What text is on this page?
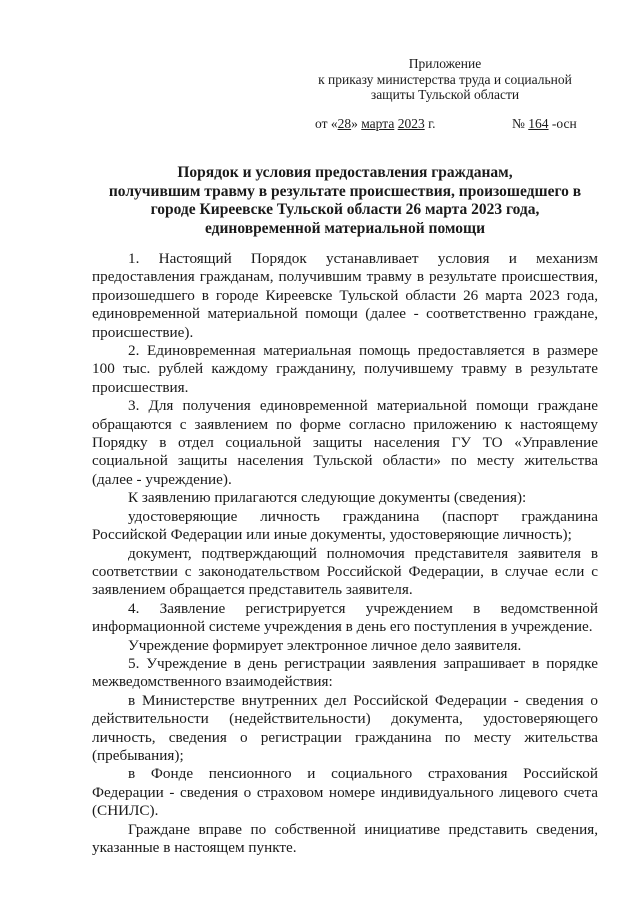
Приложение
к приказу министерства труда и социальной
защиты Тульской области
от «28» марта 2023 г.	№ 164 -осн
Порядок и условия предоставления гражданам,
получившим травму в результате происшествия, произошедшего в
городе Киреевске Тульской области 26 марта 2023 года,
единовременной материальной помощи
1. Настоящий Порядок устанавливает условия и механизм
предоставления гражданам, получившим травму в результате происшествия,
произошедшего в городе Киреевске Тульской области 26 марта 2023 года,
единовременной материальной помощи (далее - соответственно граждане,
происшествие).
2. Единовременная материальная помощь предоставляется в размере
100 тыс. рублей каждому гражданину, получившему травму в результате
происшествия.
3. Для получения единовременной материальной помощи граждане
обращаются с заявлением по форме согласно приложению к настоящему
Порядку в отдел социальной защиты населения ГУ ТО «Управление
социальной защиты населения Тульской области» по месту жительства
(далее - учреждение).
К заявлению прилагаются следующие документы (сведения):
удостоверяющие личность гражданина (паспорт гражданина
Российской Федерации или иные документы, удостоверяющие личность);
документ, подтверждающий полномочия представителя заявителя в
соответствии с законодательством Российской Федерации, в случае если с
заявлением обращается представитель заявителя.
4. Заявление регистрируется учреждением в ведомственной
информационной системе учреждения в день его поступления в учреждение.
Учреждение формирует электронное личное дело заявителя.
5. Учреждение в день регистрации заявления запрашивает в порядке
межведомственного взаимодействия:
в Министерстве внутренних дел Российской Федерации - сведения о
действительности (недействительности) документа, удостоверяющего
личность, сведения о регистрации гражданина по месту жительства
(пребывания);
в Фонде пенсионного и социального страхования Российской
Федерации - сведения о страховом номере индивидуального лицевого счета
(СНИЛС).
Граждане вправе по собственной инициативе представить сведения,
указанные в настоящем пункте.
